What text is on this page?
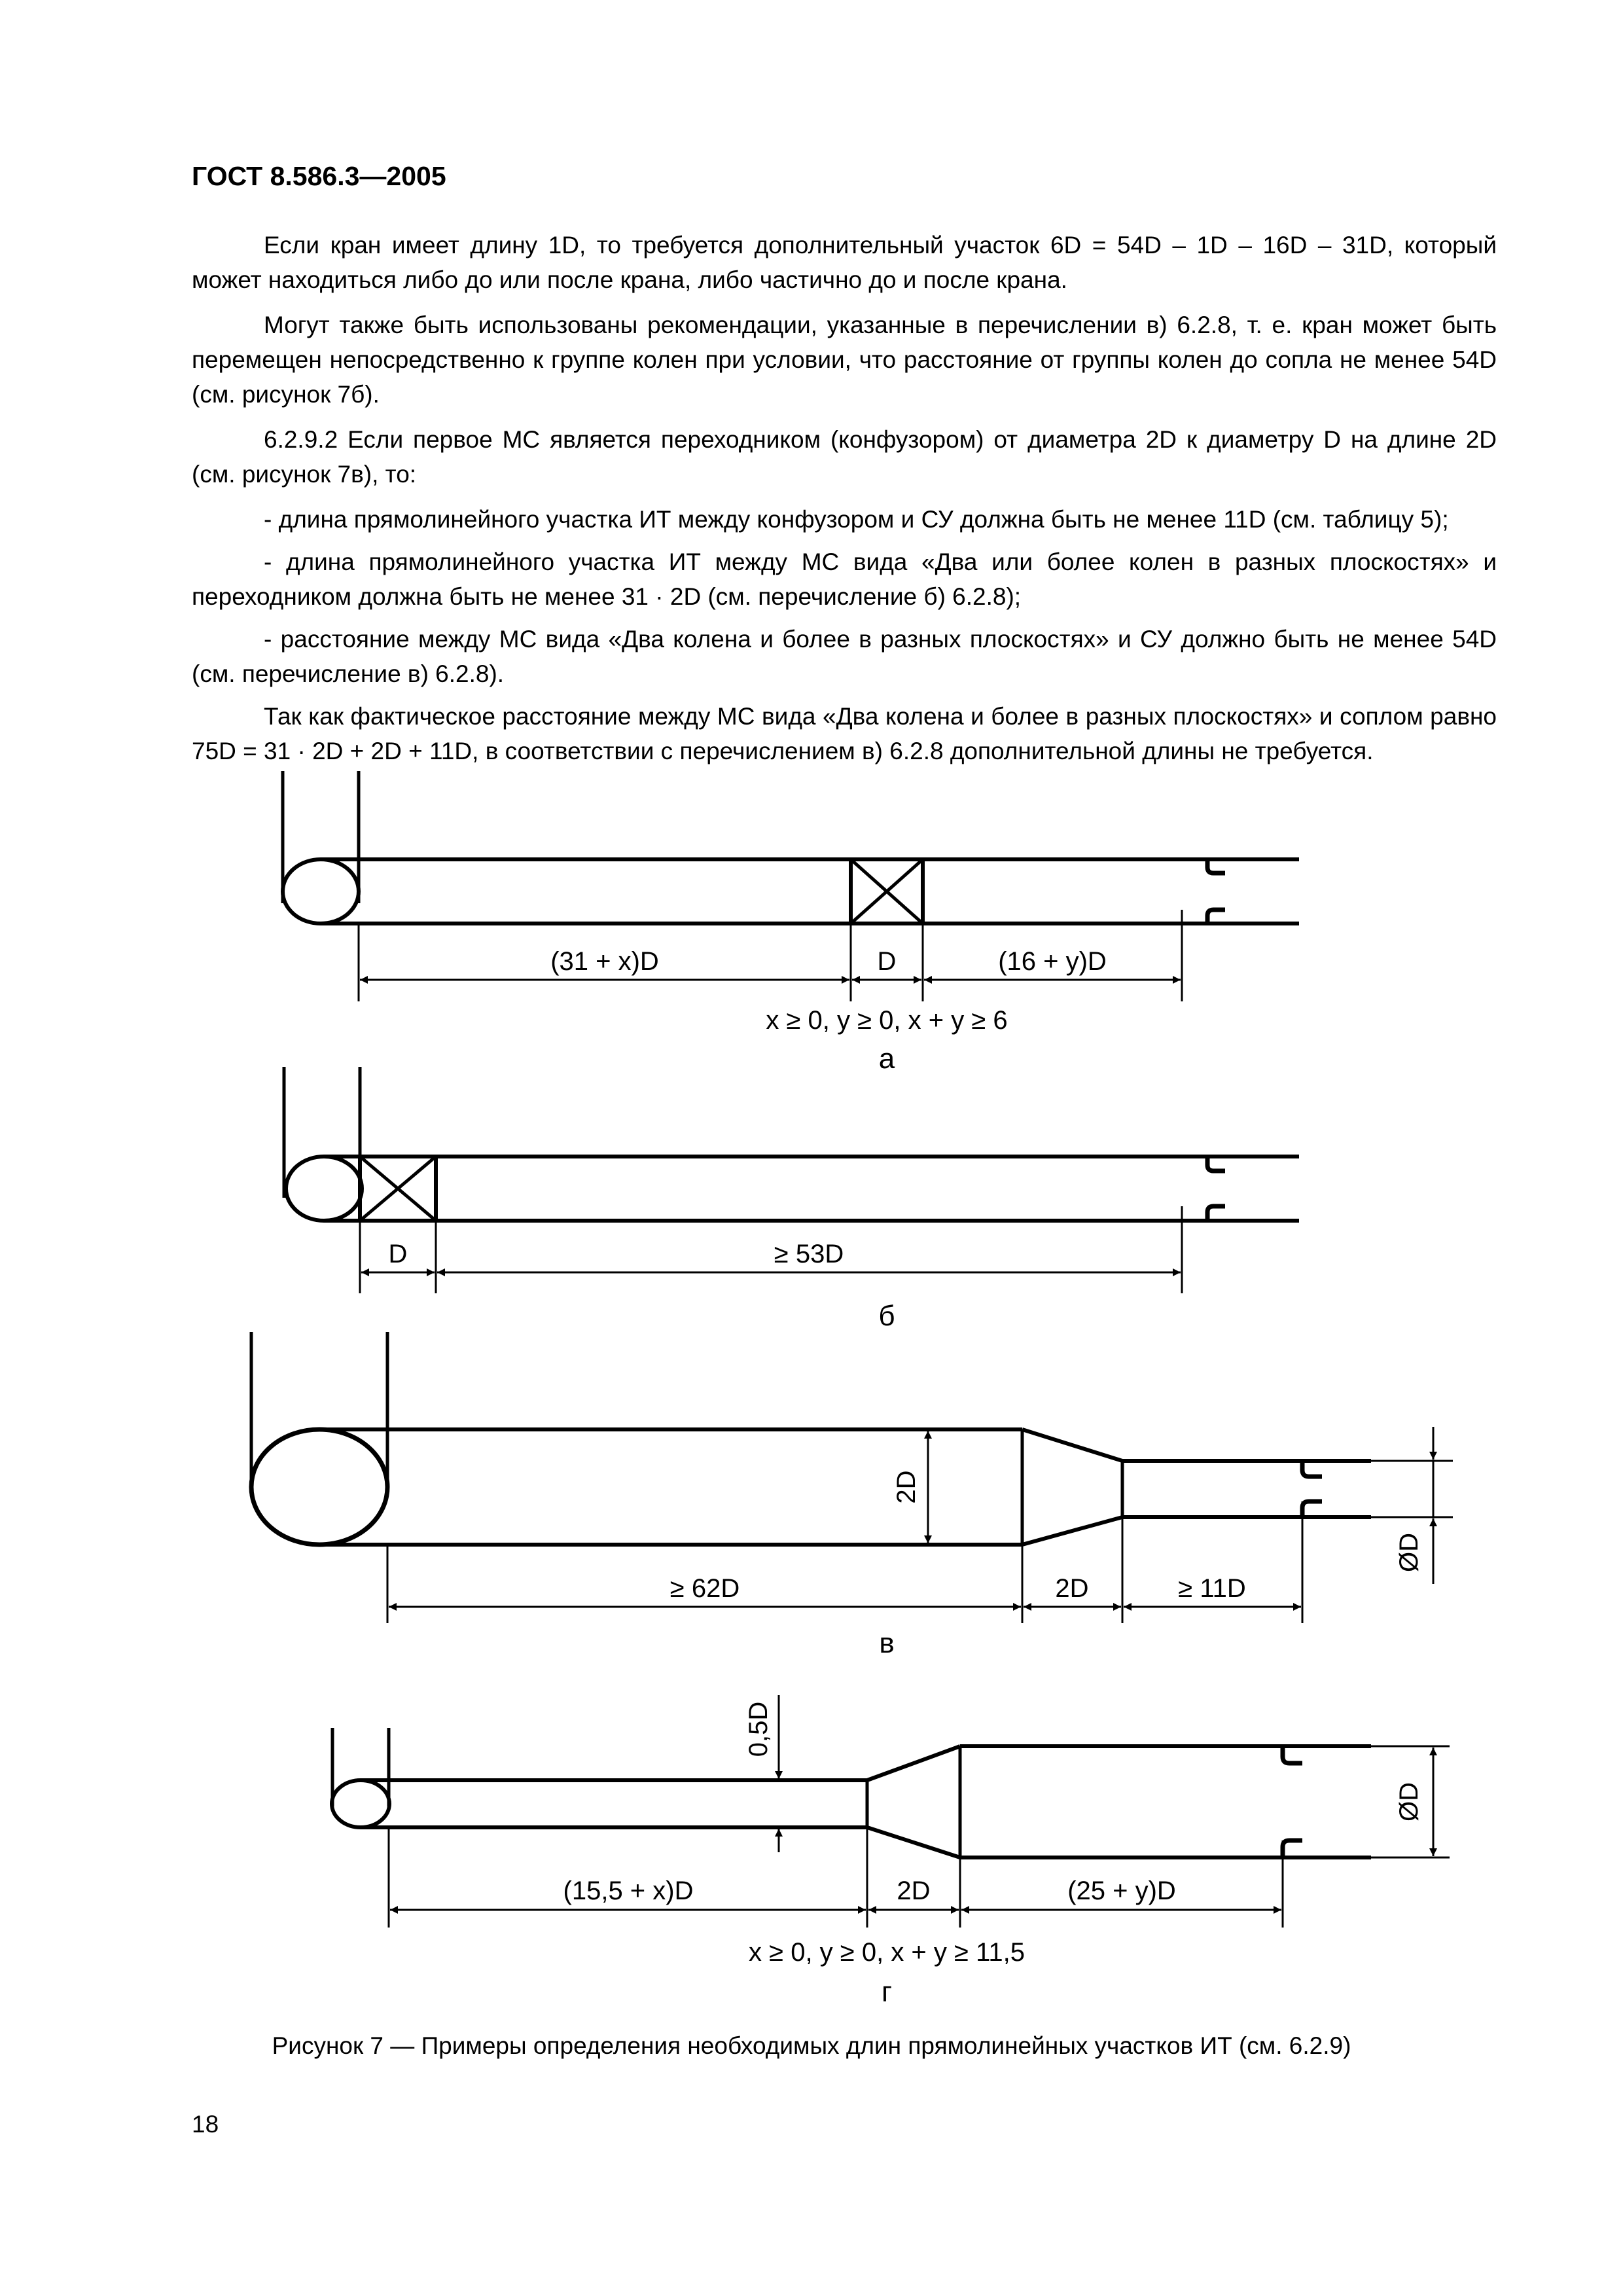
ГОСТ 8.586.3—2005

Если кран имеет длину 1D, то требуется дополнительный участок 6D = 54D – 1D – 16D – 31D, который может находиться либо до или после крана, либо частично до и после крана.

Могут также быть использованы рекомендации, указанные в перечислении в) 6.2.8, т. е. кран может быть перемещен непосредственно к группе колен при условии, что расстояние от группы колен до сопла не менее 54D (см. рисунок 7б).

6.2.9.2 Если первое МС является переходником (конфузором) от диаметра 2D к диаметру D на длине 2D (см. рисунок 7в), то:

- длина прямолинейного участка ИТ между конфузором и СУ должна быть не менее 11D (см. таблицу 5);

- длина прямолинейного участка ИТ между МС вида «Два или более колен в разных плоскостях» и переходником должна быть не менее 31 · 2D (см. перечисление б) 6.2.8);

- расстояние между МС вида «Два колена и более в разных плоскостях» и СУ должно быть не менее 54D (см. перечисление в) 6.2.8).

Так как фактическое расстояние между МС вида «Два колена и более в разных плоскостях» и соплом равно 75D = 31 · 2D + 2D + 11D, в соответствии с перечислением в) 6.2.8 дополнительной длины не требуется.

(31 + x)D	D	(16 + y)D
x ≥ 0, y ≥ 0, x + y ≥ 6
а
D	≥ 53D
б
≥ 62D	2D	≥ 11D
2D
ØD
в
(15,5 + x)D	2D	(25 + y)D
0,5D
ØD
x ≥ 0, y ≥ 0, x + y ≥ 11,5
г
Рисунок 7 — Примеры определения необходимых длин прямолинейных участков ИТ (см. 6.2.9)
18
